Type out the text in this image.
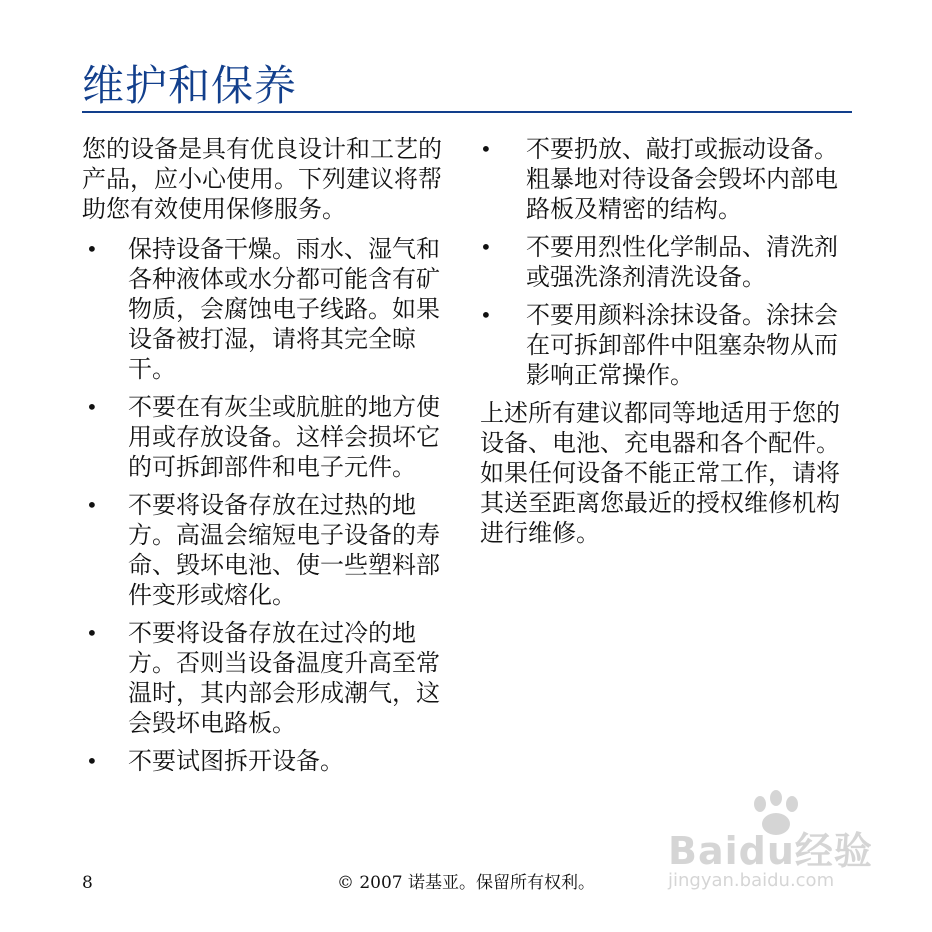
维护和保养

您的设备是具有优良设计和工艺的产品，应小心使用。下列建议将帮助您有效使用保修服务。

•	保持设备干燥。雨水、湿气和各种液体或水分都可能含有矿物质，会腐蚀电子线路。如果设备被打湿，请将其完全晾干。
•	不要在有灰尘或肮脏的地方使用或存放设备。这样会损坏它的可拆卸部件和电子元件。
•	不要将设备存放在过热的地方。高温会缩短电子设备的寿命、毁坏电池、使一些塑料部件变形或熔化。
•	不要将设备存放在过冷的地方。否则当设备温度升高至常温时，其内部会形成潮气，这会毁坏电路板。
•	不要试图拆开设备。
•	不要扔放、敲打或振动设备。粗暴地对待设备会毁坏内部电路板及精密的结构。
•	不要用烈性化学制品、清洗剂或强洗涤剂清洗设备。
•	不要用颜料涂抹设备。涂抹会在可拆卸部件中阻塞杂物从而影响正常操作。

上述所有建议都同等地适用于您的设备、电池、充电器和各个配件。如果任何设备不能正常工作，请将其送至距离您最近的授权维修机构进行维修。

8	© 2007 诺基亚。保留所有权利。
Baidu经验
jingyan.baidu.com
